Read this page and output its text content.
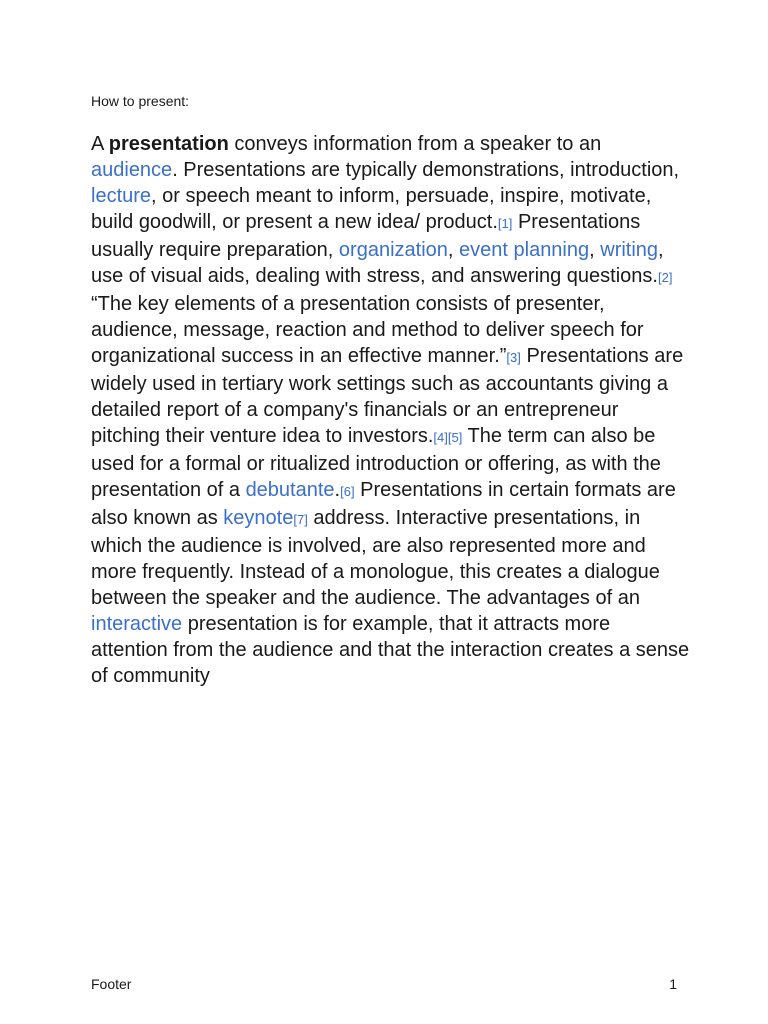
How to present:
A presentation conveys information from a speaker to an audience. Presentations are typically demonstrations, introduction, lecture, or speech meant to inform, persuade, inspire, motivate, build goodwill, or present a new idea/ product.[1] Presentations usually require preparation, organization, event planning, writing, use of visual aids, dealing with stress, and answering questions.[2] “The key elements of a presentation consists of presenter, audience, message, reaction and method to deliver speech for organizational success in an effective manner.”[3] Presentations are widely used in tertiary work settings such as accountants giving a detailed report of a company's financials or an entrepreneur pitching their venture idea to investors.[4][5] The term can also be used for a formal or ritualized introduction or offering, as with the presentation of a debutante.[6] Presentations in certain formats are also known as keynote[7] address. Interactive presentations, in which the audience is involved, are also represented more and more frequently. Instead of a monologue, this creates a dialogue between the speaker and the audience. The advantages of an interactive presentation is for example, that it attracts more attention from the audience and that the interaction creates a sense of community
Footer	1
